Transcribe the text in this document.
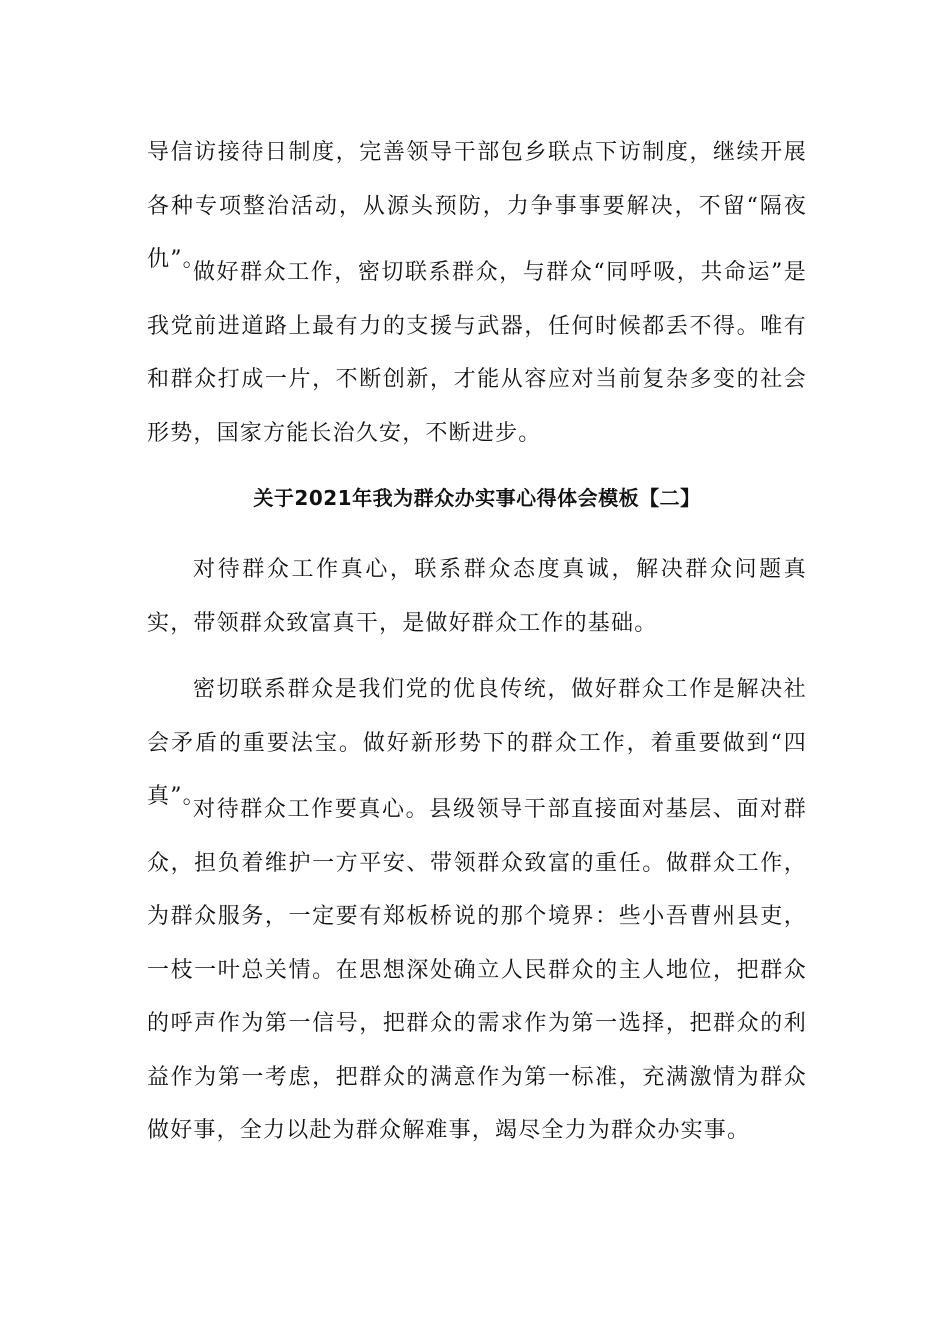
导信访接待日制度，完善领导干部包乡联点下访制度，继续开展各种专项整治活动，从源头预防，力争事事要解决，不留“隔夜仇”。

做好群众工作，密切联系群众，与群众“同呼吸，共命运”是我党前进道路上最有力的支援与武器，任何时候都丢不得。唯有和群众打成一片，不断创新，才能从容应对当前复杂多变的社会形势，国家方能长治久安，不断进步。

关于2021年我为群众办实事心得体会模板【二】

对待群众工作真心，联系群众态度真诚，解决群众问题真实，带领群众致富真干，是做好群众工作的基础。

密切联系群众是我们党的优良传统，做好群众工作是解决社会矛盾的重要法宝。做好新形势下的群众工作，着重要做到“四真”。

对待群众工作要真心。县级领导干部直接面对基层、面对群众，担负着维护一方平安、带领群众致富的重任。做群众工作，为群众服务，一定要有郑板桥说的那个境界：些小吾曹州县吏，一枝一叶总关情。在思想深处确立人民群众的主人地位，把群众的呼声作为第一信号，把群众的需求作为第一选择，把群众的利益作为第一考虑，把群众的满意作为第一标准，充满激情为群众做好事，全力以赴为群众解难事，竭尽全力为群众办实事。
